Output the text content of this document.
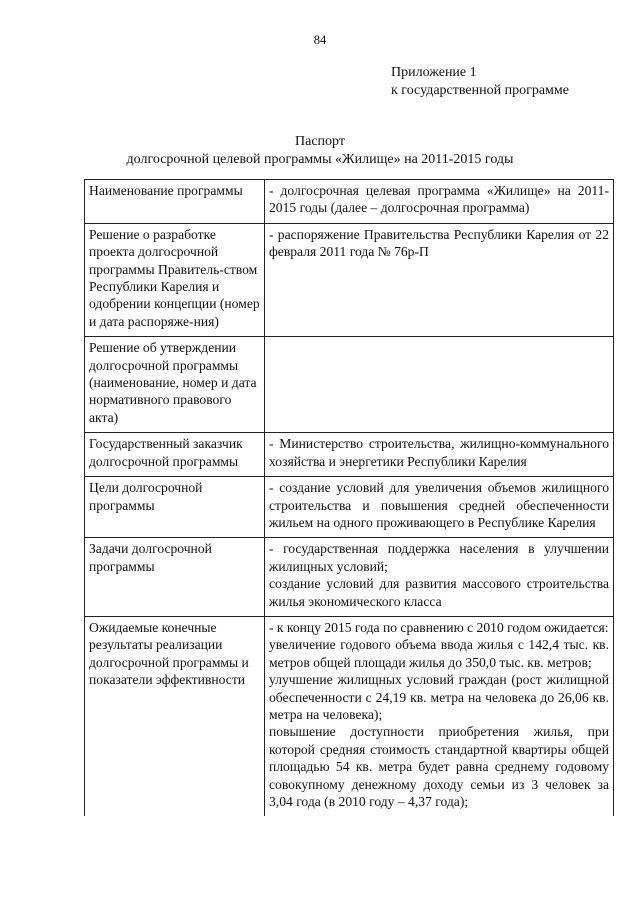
84
Приложение 1
к государственной программе
Паспорт
долгосрочной целевой программы «Жилище» на 2011-2015 годы
Наименование программы	- долгосрочная целевая программа «Жилище» на 2011-2015 годы (далее – долгосрочная программа)

Решение о разработке проекта долгосрочной программы Правитель-ством Республики Карелия и одобрении концепции (номер и дата распоряже-ния)	- распоряжение Правительства Республики Карелия от 22 февраля 2011 года № 76р-П

Решение об утверждении долгосрочной программы (наименование, номер и дата нормативного правового акта)	
Государственный заказчик долгосрочной программы	- Министерство строительства, жилищно-коммунального хозяйства и энергетики Республики Карелия

Цели долгосрочной программы	- создание условий для увеличения объемов жилищного строительства и повышения средней обеспеченности жильем на одного проживающего в Республике Карелия

Задачи долгосрочной программы	- государственная поддержка населения в улучшении жилищных условий;
создание условий для развития массового строительства жилья экономического класса

Ожидаемые конечные результаты реализации долгосрочной программы и показатели эффективности	- к концу 2015 года по сравнению с 2010 годом ожидается:
увеличение годового объема ввода жилья с 142,4 тыс. кв. метров общей площади жилья до 350,0 тыс. кв. метров;
улучшение жилищных условий граждан (рост жилищной обеспеченности с 24,19 кв. метра на человека до 26,06 кв. метра на человека);
повышение доступности приобретения жилья, при которой средняя стоимость стандартной квартиры общей площадью 54 кв. метра будет равна среднему годовому совокупному денежному доходу семьи из 3 человек за 3,04 года (в 2010 году – 4,37 года);
